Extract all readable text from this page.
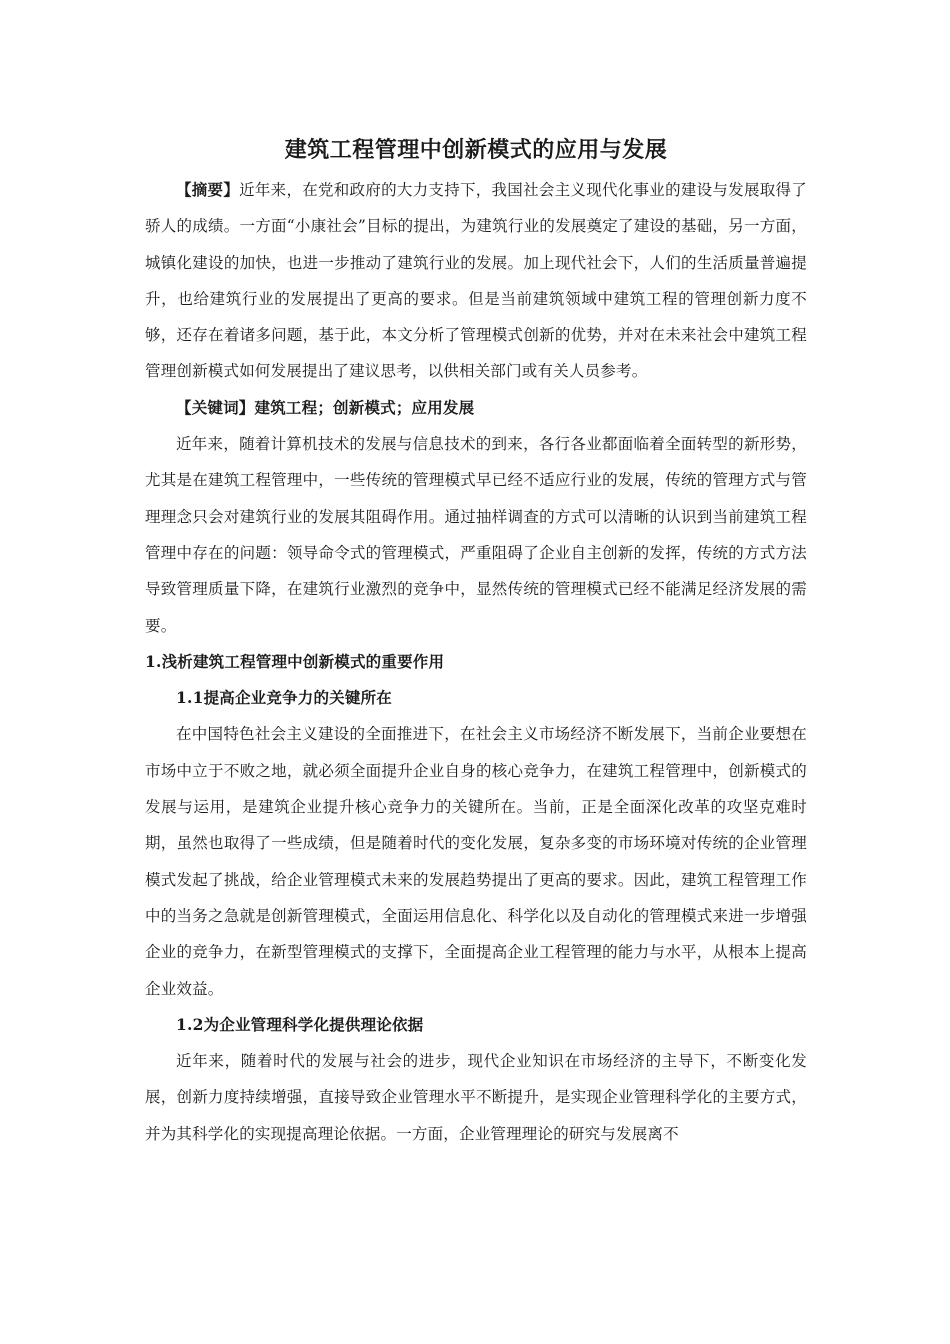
建筑工程管理中创新模式的应用与发展

【摘要】近年来，在党和政府的大力支持下，我国社会主义现代化事业的建设与发展取得了骄人的成绩。一方面“小康社会”目标的提出，为建筑行业的发展奠定了建设的基础，另一方面，城镇化建设的加快，也进一步推动了建筑行业的发展。加上现代社会下，人们的生活质量普遍提升，也给建筑行业的发展提出了更高的要求。但是当前建筑领域中建筑工程的管理创新力度不够，还存在着诸多问题，基于此，本文分析了管理模式创新的优势，并对在未来社会中建筑工程管理创新模式如何发展提出了建议思考，以供相关部门或有关人员参考。

【关键词】建筑工程；创新模式；应用发展

近年来，随着计算机技术的发展与信息技术的到来，各行各业都面临着全面转型的新形势，尤其是在建筑工程管理中，一些传统的管理模式早已经不适应行业的发展，传统的管理方式与管理理念只会对建筑行业的发展其阻碍作用。通过抽样调查的方式可以清晰的认识到当前建筑工程管理中存在的问题：领导命令式的管理模式，严重阻碍了企业自主创新的发挥，传统的方式方法导致管理质量下降，在建筑行业激烈的竞争中，显然传统的管理模式已经不能满足经济发展的需要。

1.浅析建筑工程管理中创新模式的重要作用

1.1提高企业竞争力的关键所在

在中国特色社会主义建设的全面推进下，在社会主义市场经济不断发展下，当前企业要想在市场中立于不败之地，就必须全面提升企业自身的核心竞争力，在建筑工程管理中，创新模式的发展与运用，是建筑企业提升核心竞争力的关键所在。当前，正是全面深化改革的攻坚克难时期，虽然也取得了一些成绩，但是随着时代的变化发展，复杂多变的市场环境对传统的企业管理模式发起了挑战，给企业管理模式未来的发展趋势提出了更高的要求。因此，建筑工程管理工作中的当务之急就是创新管理模式，全面运用信息化、科学化以及自动化的管理模式来进一步增强企业的竞争力，在新型管理模式的支撑下，全面提高企业工程管理的能力与水平，从根本上提高企业效益。

1.2为企业管理科学化提供理论依据

近年来，随着时代的发展与社会的进步，现代企业知识在市场经济的主导下，不断变化发展，创新力度持续增强，直接导致企业管理水平不断提升，是实现企业管理科学化的主要方式，并为其科学化的实现提高理论依据。一方面，企业管理理论的研究与发展离不
